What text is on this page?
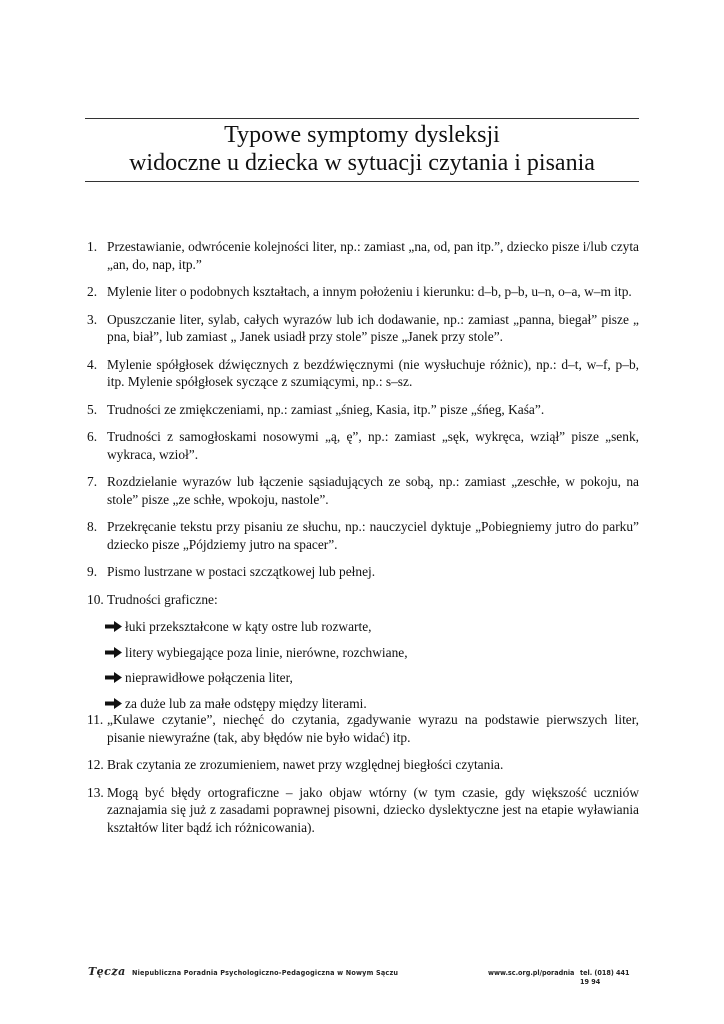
Typowe symptomy dysleksji
widoczne u dziecka w sytuacji czytania i pisania
1. Przestawianie, odwrócenie kolejności liter, np.: zamiast „na, od, pan itp.”, dziecko pisze i/lub czyta „an, do, nap, itp.”
2. Mylenie liter o podobnych kształtach, a innym położeniu i kierunku: d–b, p–b, u–n, o–a, w–m itp.
3. Opuszczanie liter, sylab, całych wyrazów lub ich dodawanie, np.: zamiast „panna, biegał” pisze „ pna, biał”, lub zamiast „ Janek usiadł przy stole” pisze „Janek przy stole”.
4. Mylenie spółgłosek dźwięcznych z bezdźwięcznymi (nie wysłuchuje różnic), np.: d–t, w–f, p–b, itp. Mylenie spółgłosek syczące z szumiącymi, np.: s–sz.
5. Trudności ze zmiękczeniami, np.: zamiast „śnieg, Kasia, itp.” pisze „śńeg, Kaśa”.
6. Trudności z samogłoskami nosowymi „ą, ę”, np.: zamiast „sęk, wykręca, wziął” pisze „senk, wykraca, wzioł”.
7. Rozdzielanie wyrazów lub łączenie sąsiadujących ze sobą, np.: zamiast „zeschłe, w pokoju, na stole” pisze „ze schłe, wpokoju, nastole”.
8. Przekręcanie tekstu przy pisaniu ze słuchu, np.: nauczyciel dyktuje „Pobiegniemy jutro do parku” dziecko pisze „Pójdziemy jutro na spacer”.
9. Pismo lustrzane w postaci szczątkowej lub pełnej.
10. Trudności graficzne:
łuki przekształcone w kąty ostre lub rozwarte,
litery wybiegające poza linie, nierówne, rozchwiane,
nieprawidłowe połączenia liter,
za duże lub za małe odstępy między literami.
11. „Kulawe czytanie”, niechęć do czytania, zgadywanie wyrazu na podstawie pierwszych liter, pisanie niewyraźne (tak, aby błędów nie było widać) itp.
12. Brak czytania ze zrozumieniem, nawet przy względnej biegłości czytania.
13. Mogą być błędy ortograficzne – jako objaw wtórny (w tym czasie, gdy większość uczniów zaznajamia się już z zasadami poprawnej pisowni, dziecko dyslektyczne jest na etapie wyławiania kształtów liter bądź ich różnicowania).
Tęcza Niepubliczna Poradnia Psychologiczno-Pedagogiczna w Nowym Sączu	www.sc.org.pl/poradnia tel. (018) 441 19 94
